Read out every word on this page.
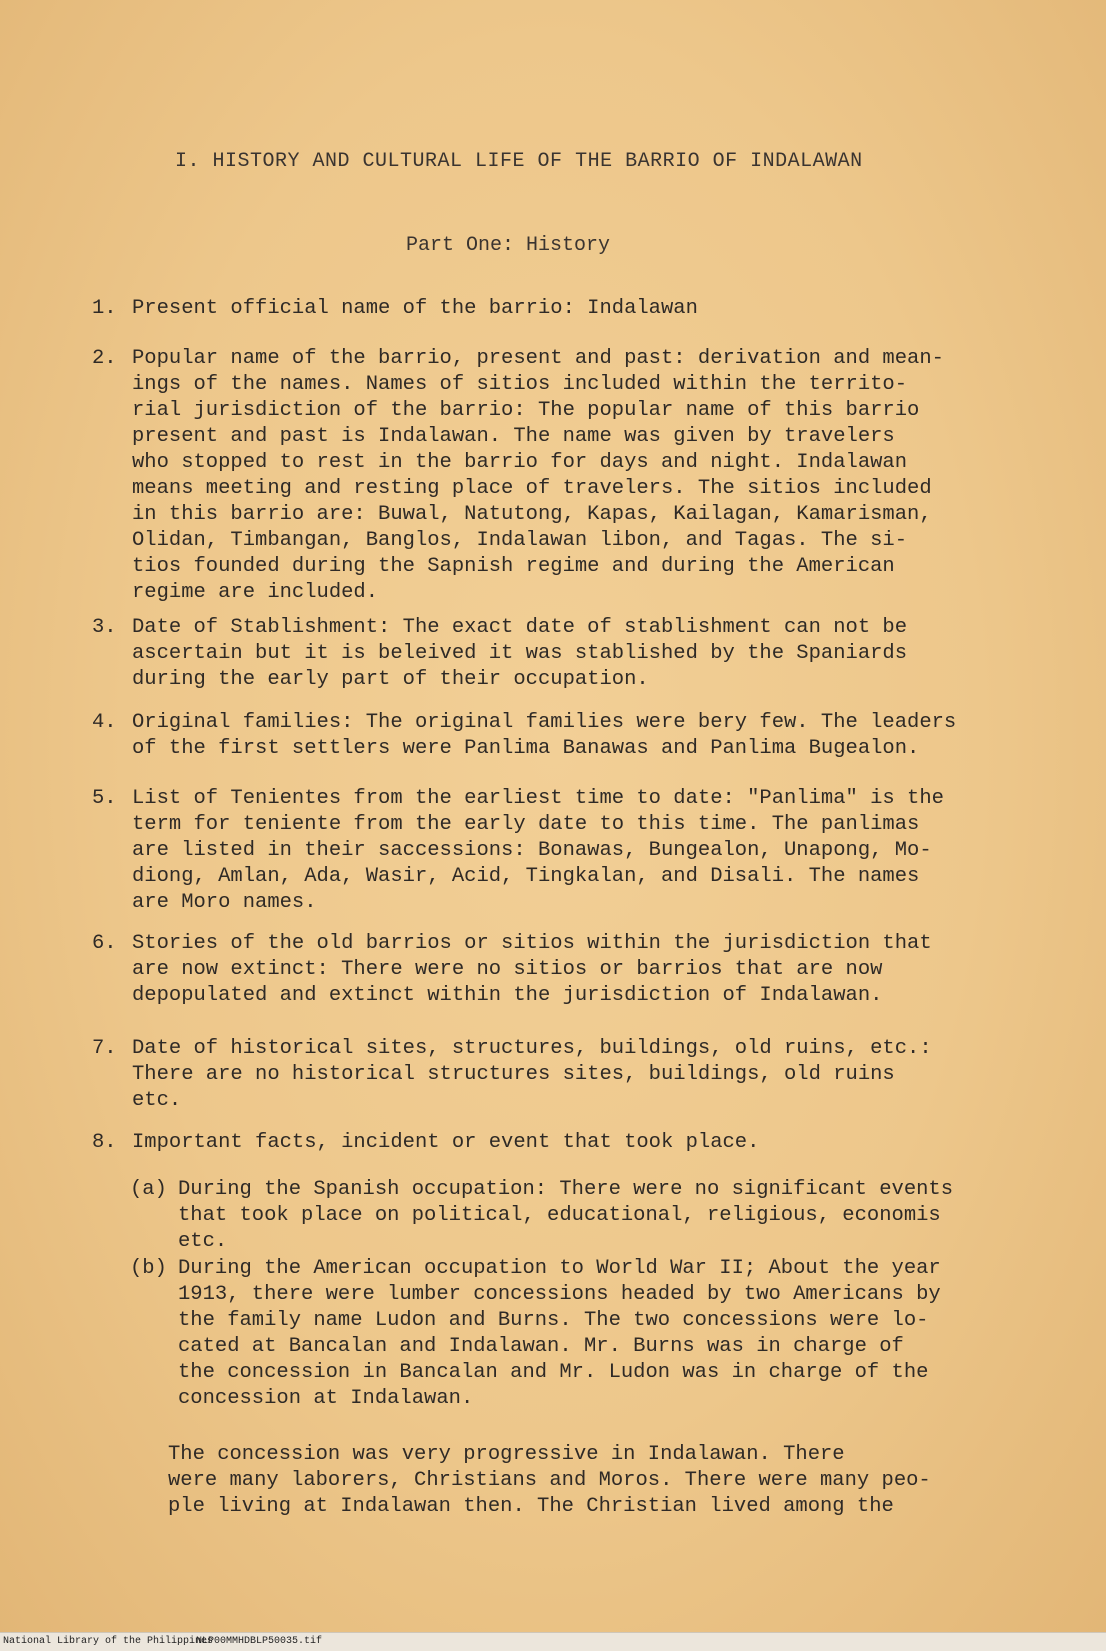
I. HISTORY AND CULTURAL LIFE OF THE BARRIO OF INDALAWAN
Part One: History
1. Present official name of the barrio: Indalawan
2. Popular name of the barrio, present and past: derivation and mean-
ings of the names. Names of sitios included within the territo-
rial jurisdiction of the barrio: The popular name of this barrio
present and past is Indalawan. The name was given by travelers
who stopped to rest in the barrio for days and night. Indalawan
means meeting and resting place of travelers. The sitios included
in this barrio are: Buwal, Natutong, Kapas, Kailagan, Kamarisman,
Olidan, Timbangan, Banglos, Indalawan libon, and Tagas. The si-
tios founded during the Sapnish regime and during the American
regime are included.
3. Date of Stablishment: The exact date of stablishment can not be
ascertain but it is beleived it was stablished by the Spaniards
during the early part of their occupation.
4. Original families: The original families were bery few. The leaders
of the first settlers were Panlima Banawas and Panlima Bugealon.
5. List of Tenientes from the earliest time to date: "Panlima" is the
term for teniente from the early date to this time. The panlimas
are listed in their saccessions: Bonawas, Bungealon, Unapong, Mo-
diong, Amlan, Ada, Wasir, Acid, Tingkalan, and Disali. The names
are Moro names.
6. Stories of the old barrios or sitios within the jurisdiction that
are now extinct: There were no sitios or barrios that are now
depopulated and extinct within the jurisdiction of Indalawan.
7. Date of historical sites, structures, buildings, old ruins, etc.:
There are no historical structures sites, buildings, old ruins
etc.
8. Important facts, incident or event that took place.
(a) During the Spanish occupation: There were no significant events
that took place on political, educational, religious, economis
etc.
(b) During the American occupation to World War II; About the year
1913, there were lumber concessions headed by two Americans by
the family name Ludon and Burns. The two concessions were lo-
cated at Bancalan and Indalawan. Mr. Burns was in charge of
the concession in Bancalan and Mr. Ludon was in charge of the
concession at Indalawan.
The concession was very progressive in Indalawan. There
were many laborers, Christians and Moros. There were many peo-
ple living at Indalawan then. The Christian lived among the
National Library of the Philippines
NLP00MMHDBLP50035.tif
